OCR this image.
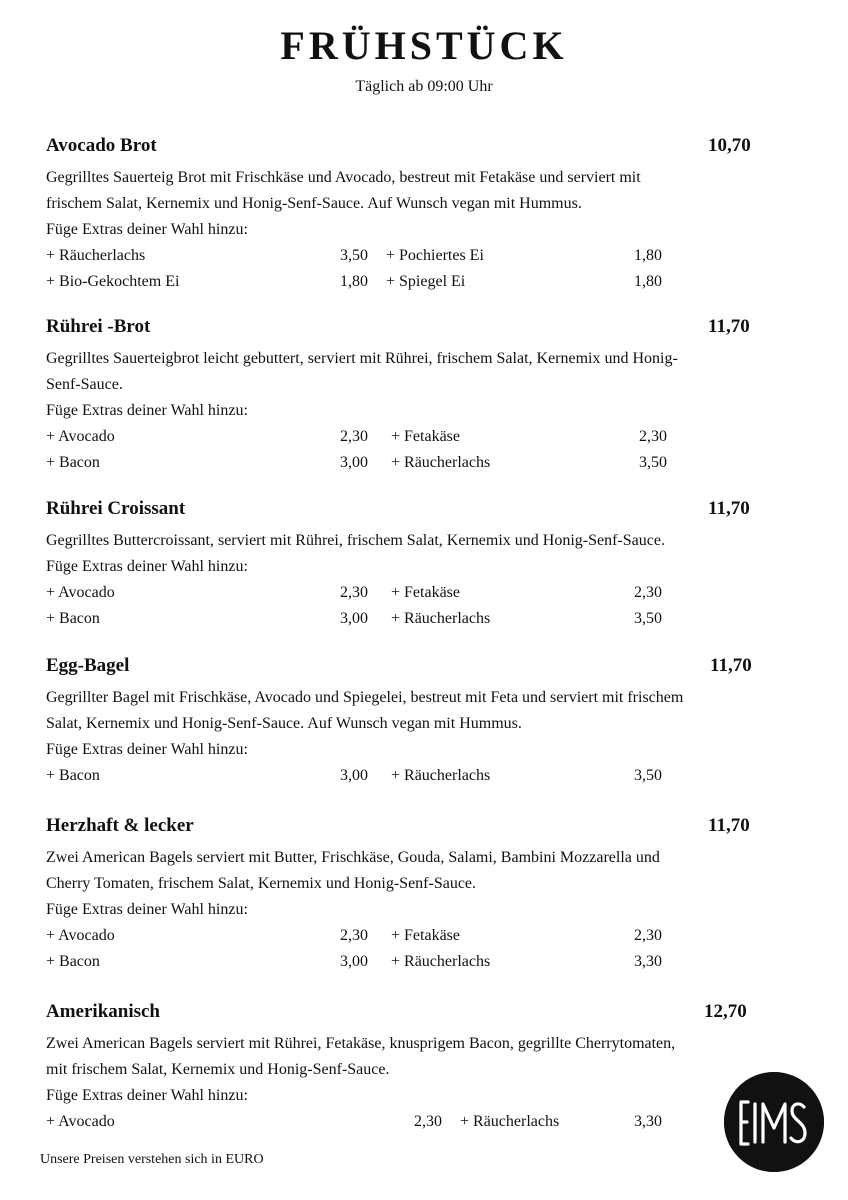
FRÜHSTÜCK
Täglich ab 09:00 Uhr
Avocado Brot	10,70
Gegrilltes Sauerteig Brot mit Frischkäse und Avocado, bestreut mit Fetakäse und serviert mit
frischem Salat, Kernemix und Honig-Senf-Sauce. Auf Wunsch vegan mit Hummus.
Füge Extras deiner Wahl hinzu:
+ Räucherlachs	3,50 + Pochiertes Ei	1,80
+ Bio-Gekochtem Ei	1,80 + Spiegel Ei	1,80
Rührei -Brot	11,70
Gegrilltes Sauerteigbrot leicht gebuttert, serviert mit Rührei, frischem Salat, Kernemix und Honig-
Senf-Sauce.
Füge Extras deiner Wahl hinzu:
+ Avocado	2,30 + Fetakäse	2,30
+ Bacon	3,00 + Räucherlachs	3,50
Rührei Croissant	11,70
Gegrilltes Buttercroissant, serviert mit Rührei, frischem Salat, Kernemix und Honig-Senf-Sauce.
Füge Extras deiner Wahl hinzu:
+ Avocado	2,30 + Fetakäse	2,30
+ Bacon	3,00 + Räucherlachs	3,50
Egg-Bagel	11,70
Gegrillter Bagel mit Frischkäse, Avocado und Spiegelei, bestreut mit Feta und serviert mit frischem
Salat, Kernemix und Honig-Senf-Sauce. Auf Wunsch vegan mit Hummus.
Füge Extras deiner Wahl hinzu:
+ Bacon	3,00 + Räucherlachs	3,50
Herzhaft & lecker	11,70
Zwei American Bagels serviert mit Butter, Frischkäse, Gouda, Salami, Bambini Mozzarella und
Cherry Tomaten, frischem Salat, Kernemix und Honig-Senf-Sauce.
Füge Extras deiner Wahl hinzu:
+ Avocado	2,30 + Fetakäse	2,30
+ Bacon	3,00 + Räucherlachs	3,30
Amerikanisch	12,70
Zwei American Bagels serviert mit Rührei, Fetakäse, knusprigem Bacon, gegrillte Cherrytomaten,
mit frischem Salat, Kernemix und Honig-Senf-Sauce.
Füge Extras deiner Wahl hinzu:
+ Avocado	2,30 + Räucherlachs	3,30
Unsere Preisen verstehen sich in EURO
